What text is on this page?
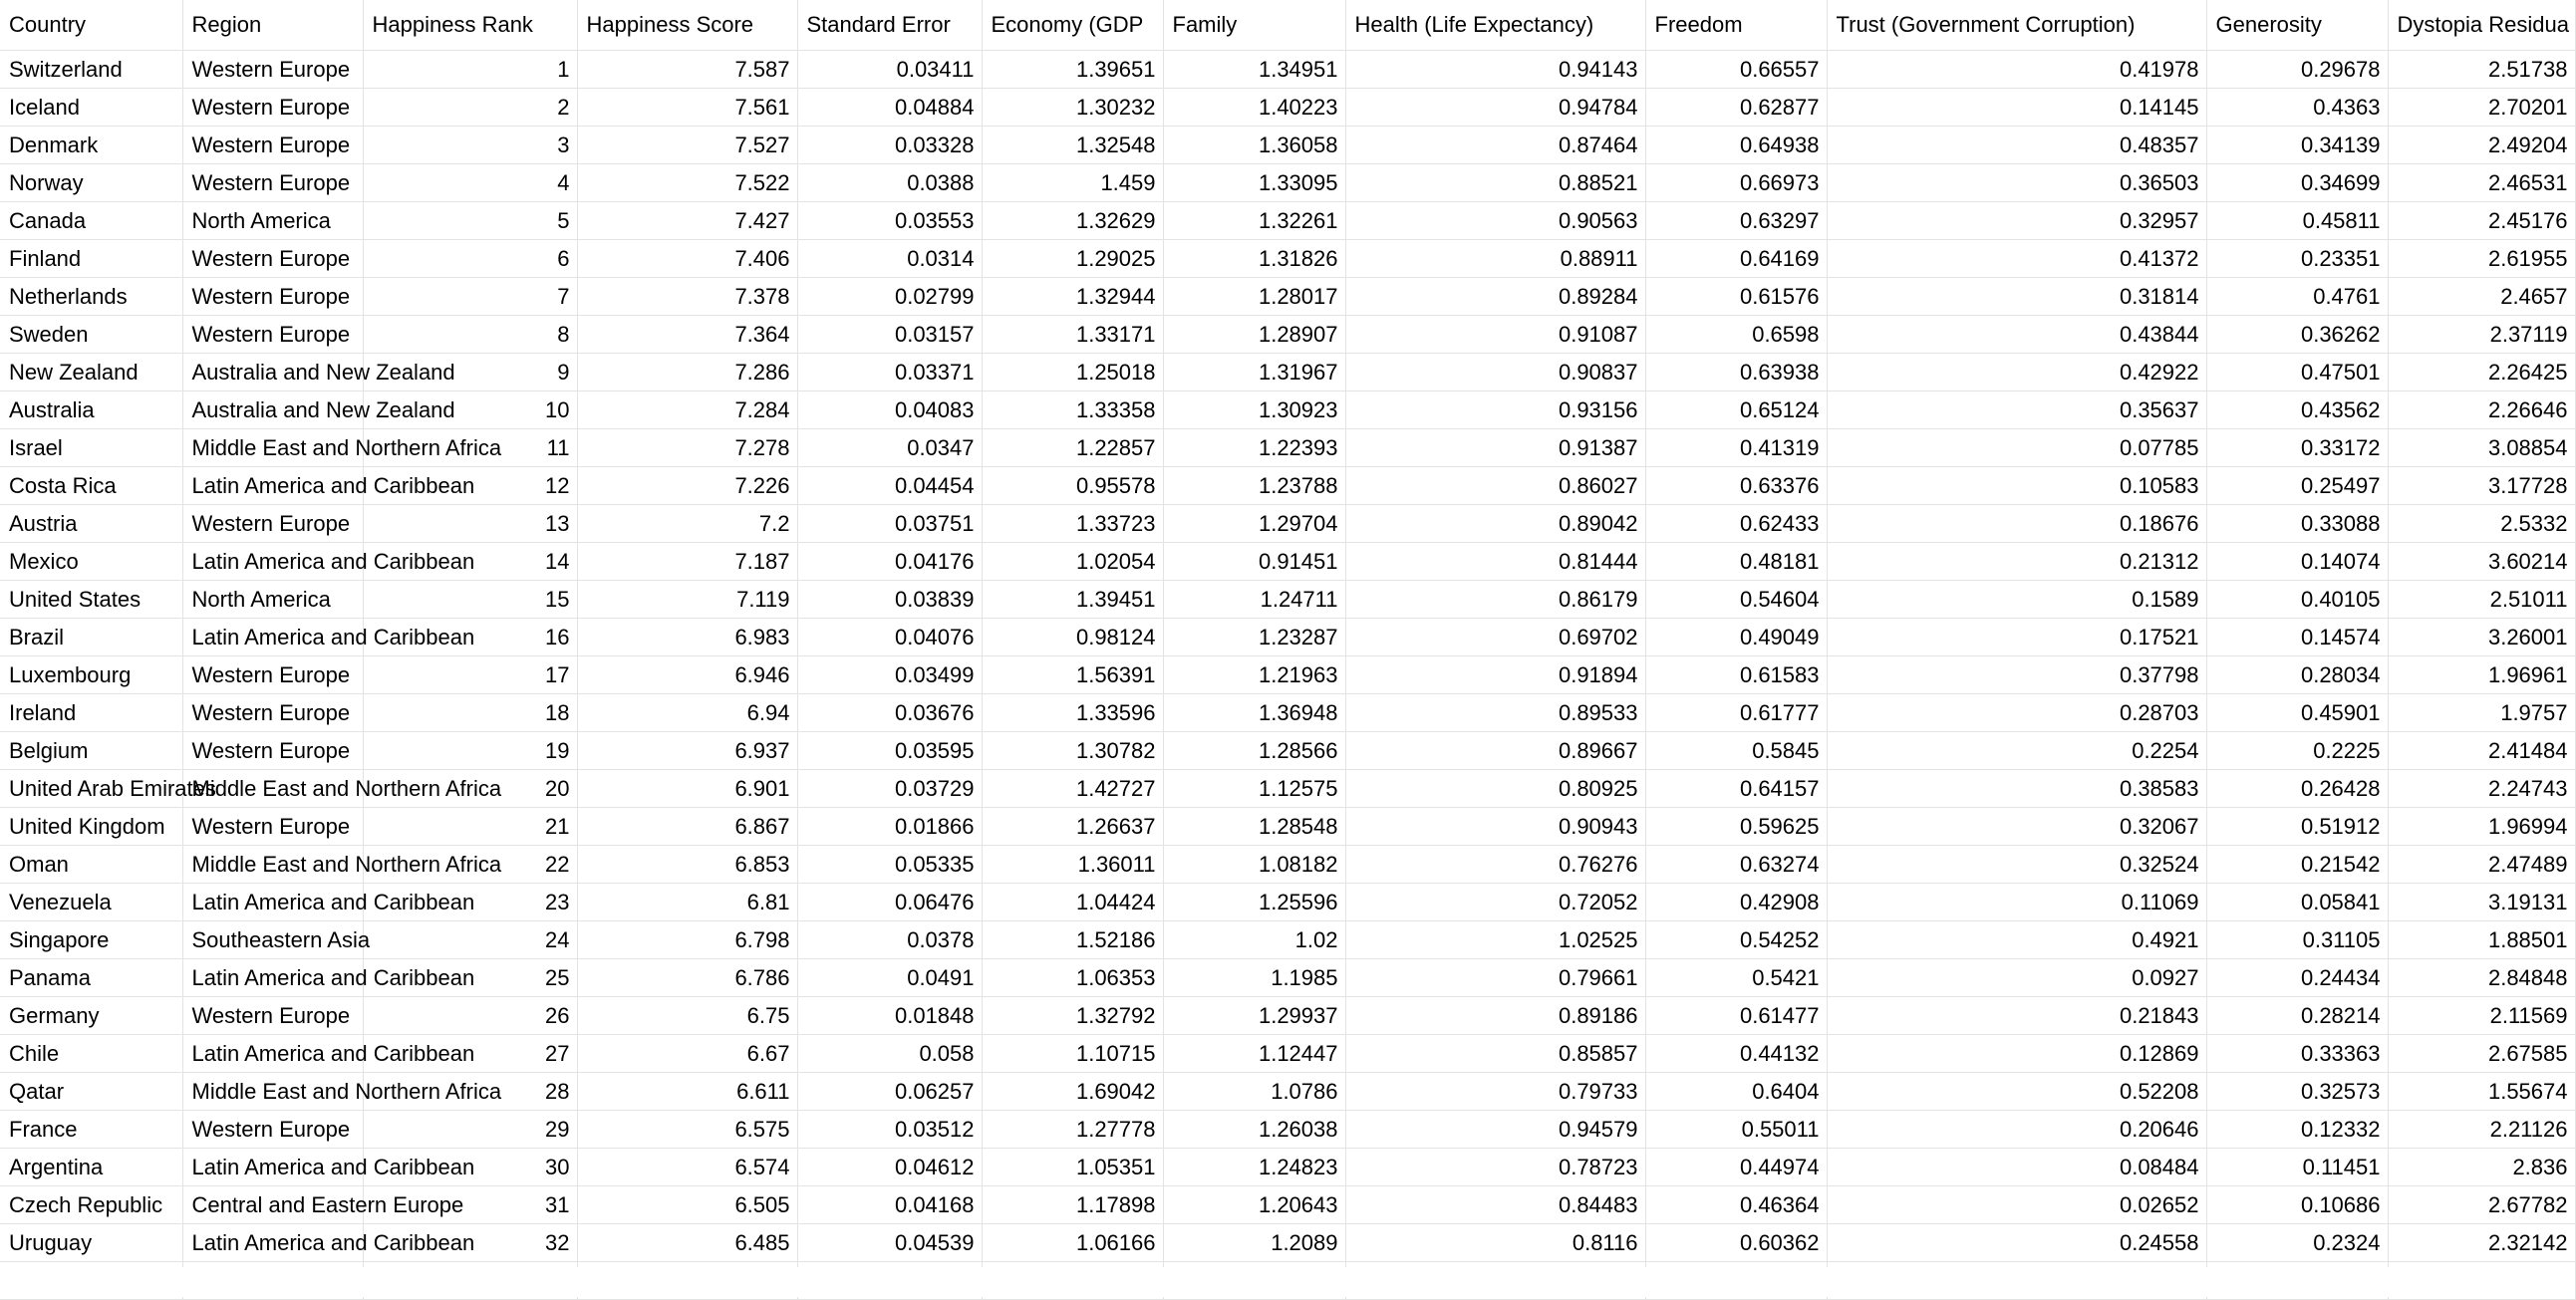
Country	Region	Happiness Rank	Happiness Score	Standard Error	Economy (GDP	Family	Health (Life Expectancy)	Freedom	Trust (Government Corruption)	Generosity	Dystopia Residua
Switzerland	Western Europe	1	7.587	0.03411	1.39651	1.34951	0.94143	0.66557	0.41978	0.29678	2.51738
Iceland	Western Europe	2	7.561	0.04884	1.30232	1.40223	0.94784	0.62877	0.14145	0.4363	2.70201
Denmark	Western Europe	3	7.527	0.03328	1.32548	1.36058	0.87464	0.64938	0.48357	0.34139	2.49204
Norway	Western Europe	4	7.522	0.0388	1.459	1.33095	0.88521	0.66973	0.36503	0.34699	2.46531
Canada	North America	5	7.427	0.03553	1.32629	1.32261	0.90563	0.63297	0.32957	0.45811	2.45176
Finland	Western Europe	6	7.406	0.0314	1.29025	1.31826	0.88911	0.64169	0.41372	0.23351	2.61955
Netherlands	Western Europe	7	7.378	0.02799	1.32944	1.28017	0.89284	0.61576	0.31814	0.4761	2.4657
Sweden	Western Europe	8	7.364	0.03157	1.33171	1.28907	0.91087	0.6598	0.43844	0.36262	2.37119
New Zealand	Australia and New Zealand	9	7.286	0.03371	1.25018	1.31967	0.90837	0.63938	0.42922	0.47501	2.26425
Australia	Australia and New Zealand	10	7.284	0.04083	1.33358	1.30923	0.93156	0.65124	0.35637	0.43562	2.26646
Israel	Middle East and Northern Africa	11	7.278	0.0347	1.22857	1.22393	0.91387	0.41319	0.07785	0.33172	3.08854
Costa Rica	Latin America and Caribbean	12	7.226	0.04454	0.95578	1.23788	0.86027	0.63376	0.10583	0.25497	3.17728
Austria	Western Europe	13	7.2	0.03751	1.33723	1.29704	0.89042	0.62433	0.18676	0.33088	2.5332
Mexico	Latin America and Caribbean	14	7.187	0.04176	1.02054	0.91451	0.81444	0.48181	0.21312	0.14074	3.60214
United States	North America	15	7.119	0.03839	1.39451	1.24711	0.86179	0.54604	0.1589	0.40105	2.51011
Brazil	Latin America and Caribbean	16	6.983	0.04076	0.98124	1.23287	0.69702	0.49049	0.17521	0.14574	3.26001
Luxembourg	Western Europe	17	6.946	0.03499	1.56391	1.21963	0.91894	0.61583	0.37798	0.28034	1.96961
Ireland	Western Europe	18	6.94	0.03676	1.33596	1.36948	0.89533	0.61777	0.28703	0.45901	1.9757
Belgium	Western Europe	19	6.937	0.03595	1.30782	1.28566	0.89667	0.5845	0.2254	0.2225	2.41484
United Arab Emirates	Middle East and Northern Africa	20	6.901	0.03729	1.42727	1.12575	0.80925	0.64157	0.38583	0.26428	2.24743
United Kingdom	Western Europe	21	6.867	0.01866	1.26637	1.28548	0.90943	0.59625	0.32067	0.51912	1.96994
Oman	Middle East and Northern Africa	22	6.853	0.05335	1.36011	1.08182	0.76276	0.63274	0.32524	0.21542	2.47489
Venezuela	Latin America and Caribbean	23	6.81	0.06476	1.04424	1.25596	0.72052	0.42908	0.11069	0.05841	3.19131
Singapore	Southeastern Asia	24	6.798	0.0378	1.52186	1.02	1.02525	0.54252	0.4921	0.31105	1.88501
Panama	Latin America and Caribbean	25	6.786	0.0491	1.06353	1.1985	0.79661	0.5421	0.0927	0.24434	2.84848
Germany	Western Europe	26	6.75	0.01848	1.32792	1.29937	0.89186	0.61477	0.21843	0.28214	2.11569
Chile	Latin America and Caribbean	27	6.67	0.058	1.10715	1.12447	0.85857	0.44132	0.12869	0.33363	2.67585
Qatar	Middle East and Northern Africa	28	6.611	0.06257	1.69042	1.0786	0.79733	0.6404	0.52208	0.32573	1.55674
France	Western Europe	29	6.575	0.03512	1.27778	1.26038	0.94579	0.55011	0.20646	0.12332	2.21126
Argentina	Latin America and Caribbean	30	6.574	0.04612	1.05351	1.24823	0.78723	0.44974	0.08484	0.11451	2.836
Czech Republic	Central and Eastern Europe	31	6.505	0.04168	1.17898	1.20643	0.84483	0.46364	0.02652	0.10686	2.67782
Uruguay	Latin America and Caribbean	32	6.485	0.04539	1.06166	1.2089	0.8116	0.60362	0.24558	0.2324	2.32142
